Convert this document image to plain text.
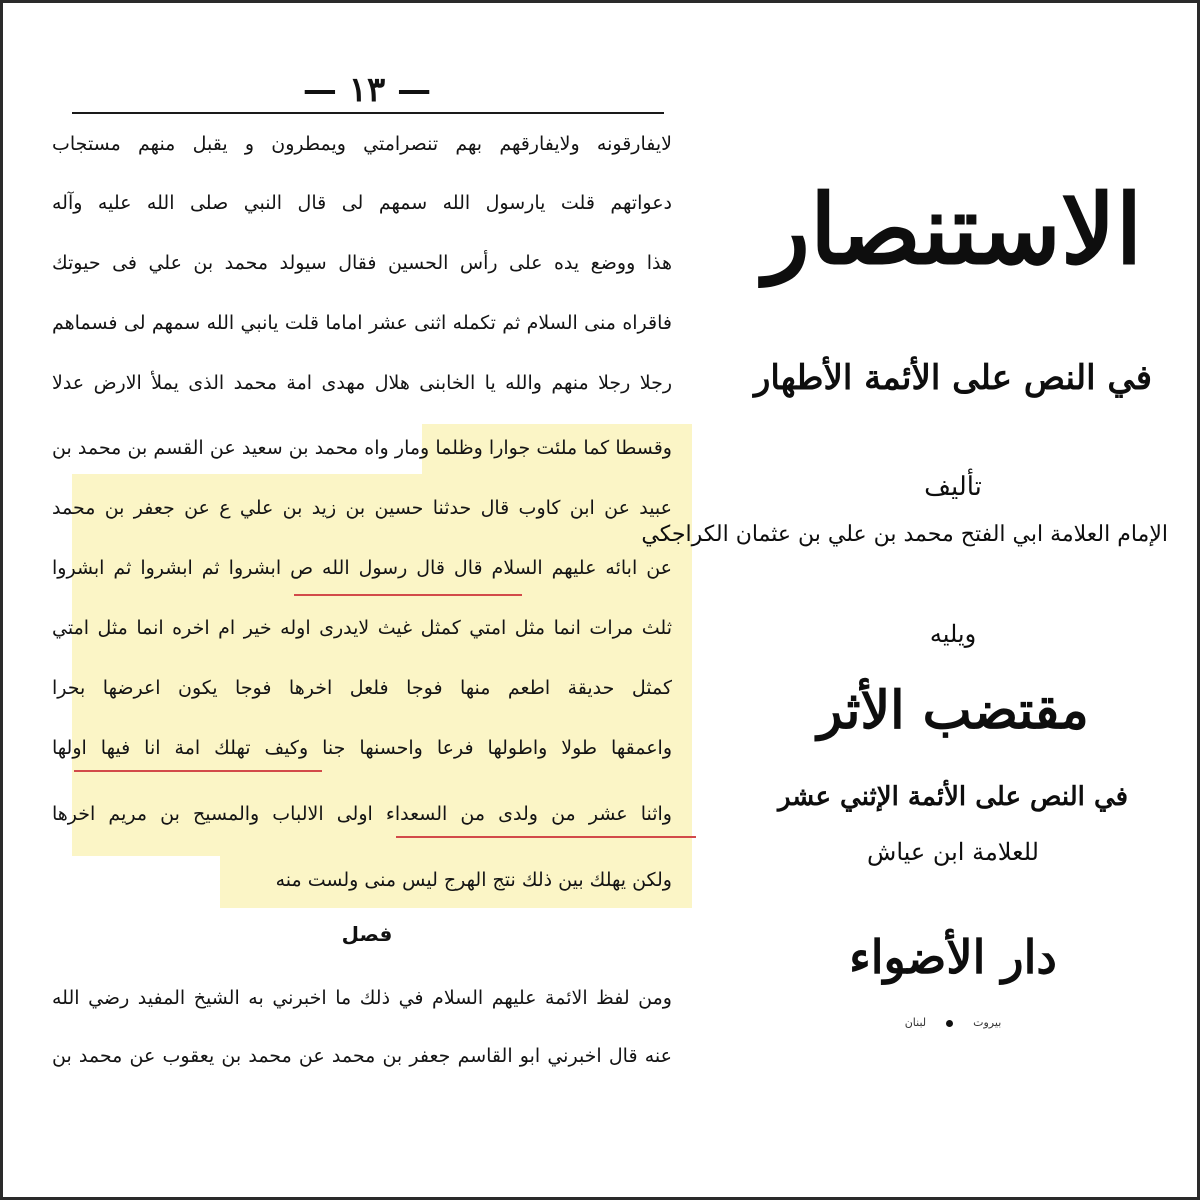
— ١٣ —
لايفارقونه ولايفارقهم بهم تنصرامتي ويمطرون و يقبل منهم مستجاب
دعواتهم قلت يارسول الله سمهم لى قال النبي صلى الله عليه وآله
هذا ووضع يده على رأس الحسين فقال سيولد محمد بن علي فى حيوتك
فاقراه منى السلام ثم تكمله اثنى عشر اماما قلت يانبي الله سمهم لى فسماهم
رجلا رجلا منهم والله يا الخابنى هلال مهدى امة محمد الذى يملأ الارض عدلا
وقسطا كما ملئت جوارا وظلما ومار واه محمد بن سعيد عن القسم بن محمد بن
عبيد عن ابن كاوب قال حدثنا حسين بن زيد بن علي ع عن جعفر بن محمد
عن ابائه عليهم السلام قال قال رسول الله ص ابشروا ثم ابشروا ثم ابشروا
ثلث مرات انما مثل امتي كمثل غيث لايدرى اوله خير ام اخره انما مثل امتي
كمثل حديقة اطعم منها فوجا فلعل اخرها فوجا يكون اعرضها بحرا
واعمقها طولا واطولها فرعا واحسنها جنا وكيف تهلك امة انا فيها اولها
واثنا عشر من ولدى من السعداء اولى الالباب والمسيح بن مريم اخرها
ولكن يهلك بين ذلك نتج الهرج ليس منى ولست منه
فصل
ومن لفظ الائمة عليهم السلام في ذلك ما اخبرني به الشيخ المفيد رضي الله
عنه قال اخبرني ابو القاسم جعفر بن محمد عن محمد بن يعقوب عن محمد بن
الاستنصار
في النص على الأئمة الأطهار
تأليف
الإمام العلامة ابي الفتح محمد بن علي بن عثمان الكراجكي
ويليه
مقتضب الأثر
في النص على الأئمة الإثني عشر
للعلامة ابن عياش
دار الأضواء
بيروتلبنان
